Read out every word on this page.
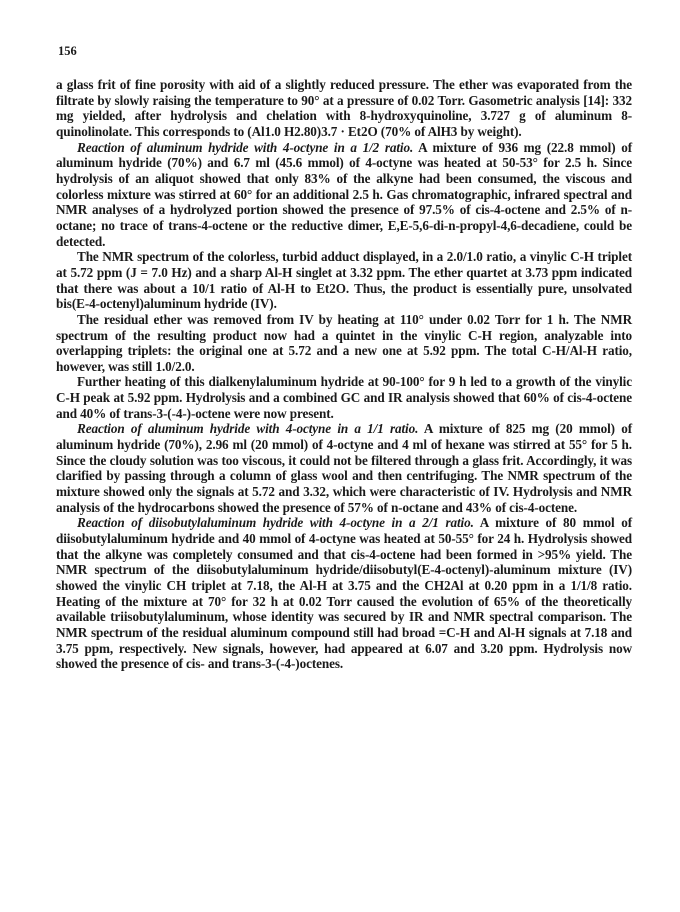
156

a glass frit of fine porosity with aid of a slightly reduced pressure. The ether was evaporated from the filtrate by slowly raising the temperature to 90° at a pressure of 0.02 Torr. Gasometric analysis [14]: 332 mg yielded, after hydrolysis and chelation with 8-hydroxyquinoline, 3.727 g of aluminum 8-quinolinolate. This corresponds to (Al1.0 H2.80)3.7 · Et2O (70% of AlH3 by weight).

Reaction of aluminum hydride with 4-octyne in a 1/2 ratio. A mixture of 936 mg (22.8 mmol) of aluminum hydride (70%) and 6.7 ml (45.6 mmol) of 4-octyne was heated at 50-53° for 2.5 h. Since hydrolysis of an aliquot showed that only 83% of the alkyne had been consumed, the viscous and colorless mixture was stirred at 60° for an additional 2.5 h. Gas chromatographic, infrared spectral and NMR analyses of a hydrolyzed portion showed the presence of 97.5% of cis-4-octene and 2.5% of n-octane; no trace of trans-4-octene or the reductive dimer, E,E-5,6-di-n-propyl-4,6-decadiene, could be detected.

The NMR spectrum of the colorless, turbid adduct displayed, in a 2.0/1.0 ratio, a vinylic C-H triplet at 5.72 ppm (J = 7.0 Hz) and a sharp Al-H singlet at 3.32 ppm. The ether quartet at 3.73 ppm indicated that there was about a 10/1 ratio of Al-H to Et2O. Thus, the product is essentially pure, unsolvated bis(E-4-octenyl)aluminum hydride (IV).

The residual ether was removed from IV by heating at 110° under 0.02 Torr for 1 h. The NMR spectrum of the resulting product now had a quintet in the vinylic C-H region, analyzable into overlapping triplets: the original one at 5.72 and a new one at 5.92 ppm. The total C-H/Al-H ratio, however, was still 1.0/2.0.

Further heating of this dialkenylaluminum hydride at 90-100° for 9 h led to a growth of the vinylic C-H peak at 5.92 ppm. Hydrolysis and a combined GC and IR analysis showed that 60% of cis-4-octene and 40% of trans-3-(-4-)-octene were now present.

Reaction of aluminum hydride with 4-octyne in a 1/1 ratio. A mixture of 825 mg (20 mmol) of aluminum hydride (70%), 2.96 ml (20 mmol) of 4-octyne and 4 ml of hexane was stirred at 55° for 5 h. Since the cloudy solution was too viscous, it could not be filtered through a glass frit. Accordingly, it was clarified by passing through a column of glass wool and then centrifuging. The NMR spectrum of the mixture showed only the signals at 5.72 and 3.32, which were characteristic of IV. Hydrolysis and NMR analysis of the hydrocarbons showed the presence of 57% of n-octane and 43% of cis-4-octene.

Reaction of diisobutylaluminum hydride with 4-octyne in a 2/1 ratio. A mixture of 80 mmol of diisobutylaluminum hydride and 40 mmol of 4-octyne was heated at 50-55° for 24 h. Hydrolysis showed that the alkyne was completely consumed and that cis-4-octene had been formed in >95% yield. The NMR spectrum of the diisobutylaluminum hydride/diisobutyl(E-4-octenyl)-aluminum mixture (IV) showed the vinylic CH triplet at 7.18, the Al-H at 3.75 and the CH2Al at 0.20 ppm in a 1/1/8 ratio. Heating of the mixture at 70° for 32 h at 0.02 Torr caused the evolution of 65% of the theoretically available triisobutylaluminum, whose identity was secured by IR and NMR spectral comparison. The NMR spectrum of the residual aluminum compound still had broad =C-H and Al-H signals at 7.18 and 3.75 ppm, respectively. New signals, however, had appeared at 6.07 and 3.20 ppm. Hydrolysis now showed the presence of cis- and trans-3-(-4-)octenes.
